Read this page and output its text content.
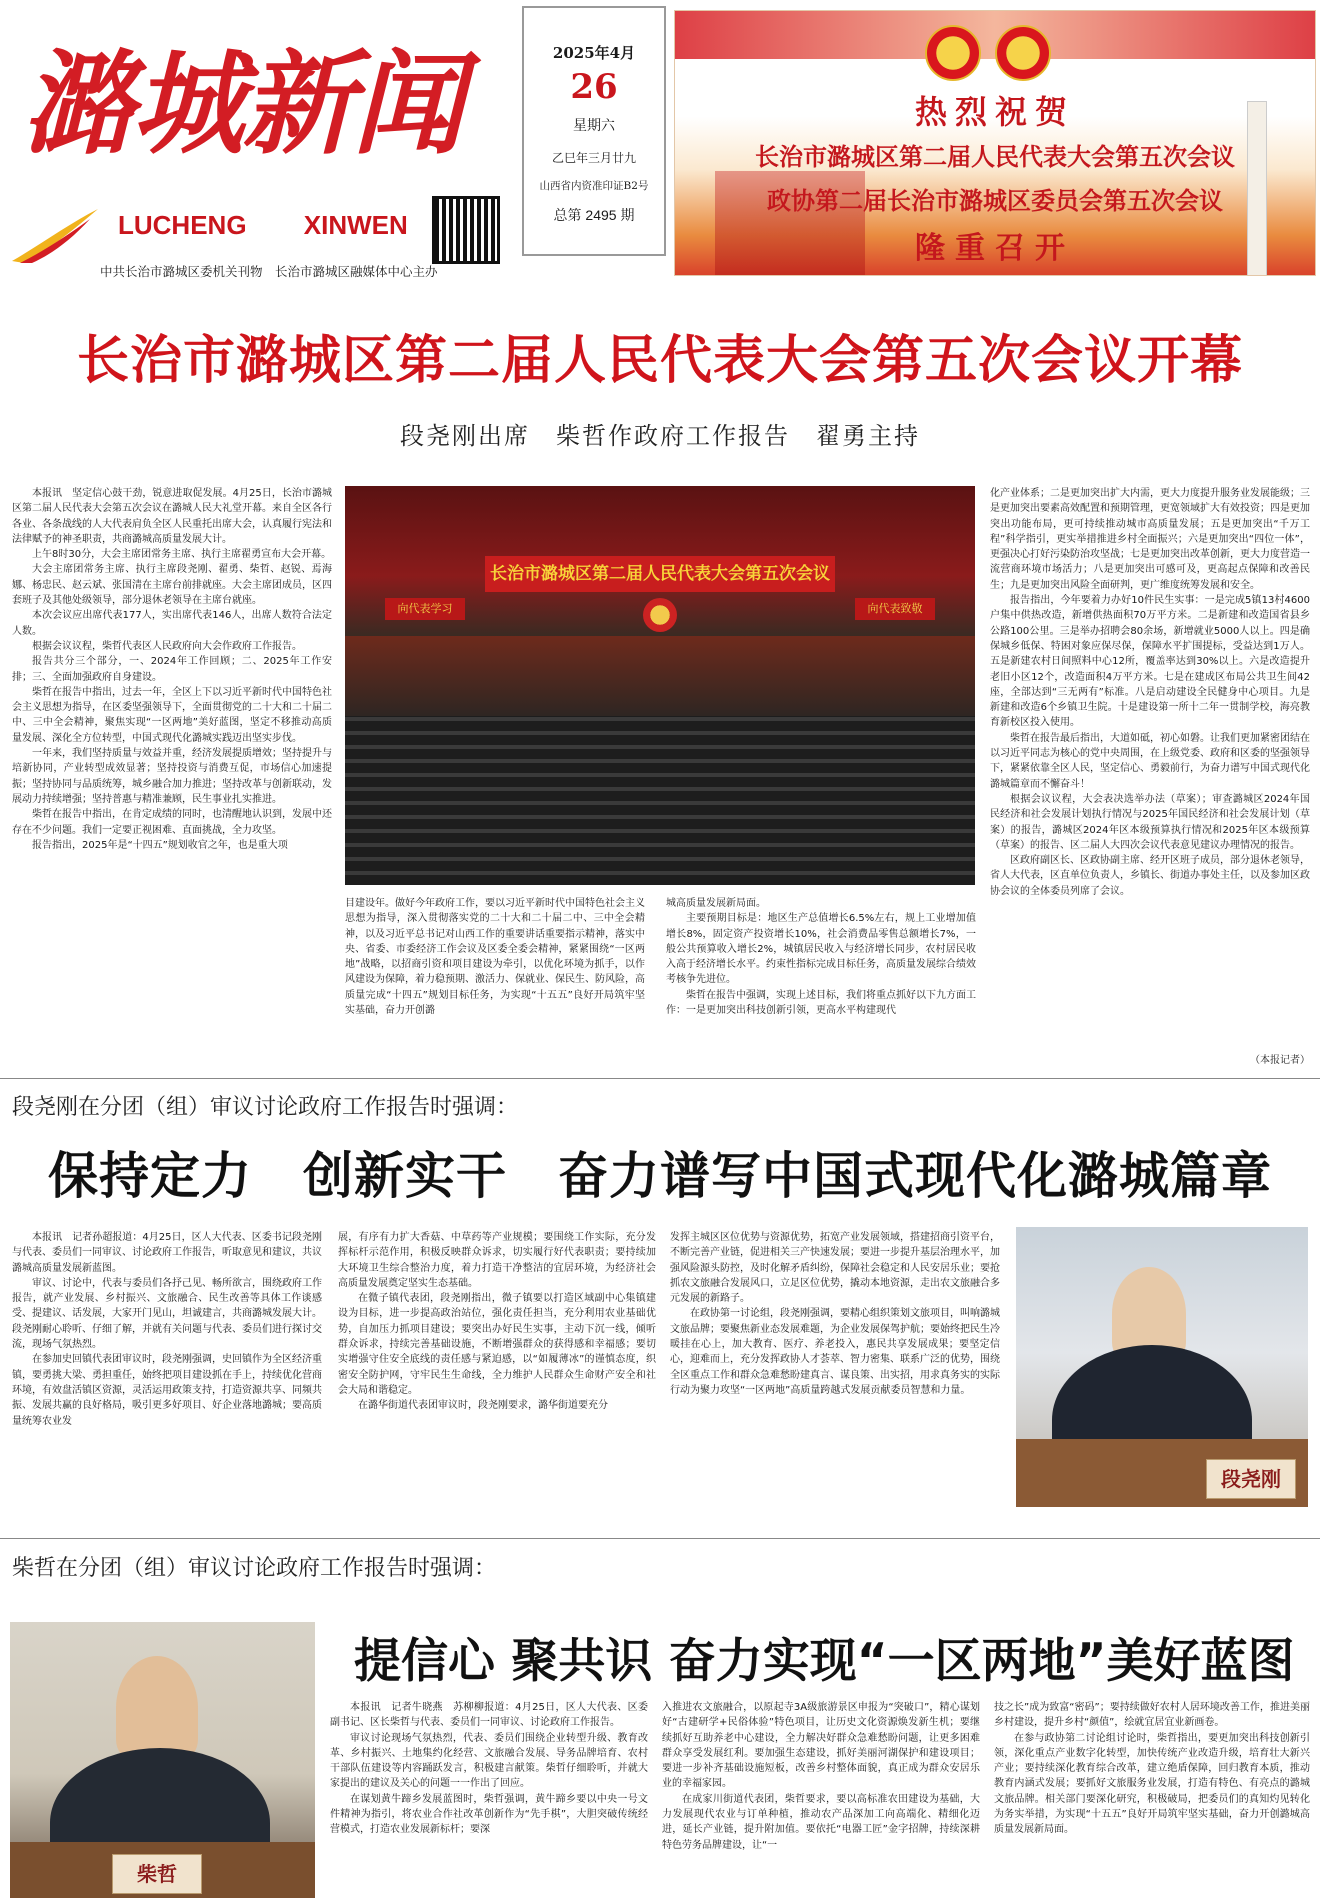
潞城新闻
LUCHENG XINWEN
中共长治市潞城区委机关刊物　长治市潞城区融媒体中心主办
2025年4月
26
星期六
乙巳年三月廿九
山西省内资准印证B2号
总第 2495 期
热烈祝贺
长治市潞城区第二届人民代表大会第五次会议
政协第二届长治市潞城区委员会第五次会议
隆重召开
长治市潞城区第二届人民代表大会第五次会议开幕
段尧刚出席　柴哲作政府工作报告　翟勇主持

本报讯　坚定信心鼓干劲，锐意进取促发展。4月25日，长治市潞城区第二届人民代表大会第五次会议在潞城人民大礼堂开幕。来自全区各行各业、各条战线的人大代表肩负全区人民重托出席大会，认真履行宪法和法律赋予的神圣职责，共商潞城高质量发展大计。

上午8时30分，大会主席团常务主席、执行主席翟勇宣布大会开幕。

大会主席团常务主席、执行主席段尧刚、翟勇、柴哲、赵锐、焉海娜、杨忠民、赵云斌、张国清在主席台前排就座。大会主席团成员，区四套班子及其他处级领导，部分退休老领导在主席台就座。

本次会议应出席代表177人，实出席代表146人，出席人数符合法定人数。

根据会议议程，柴哲代表区人民政府向大会作政府工作报告。

报告共分三个部分，一、2024年工作回顾；二、2025年工作安排；三、全面加强政府自身建设。

柴哲在报告中指出，过去一年，全区上下以习近平新时代中国特色社会主义思想为指导，在区委坚强领导下，全面贯彻党的二十大和二十届二中、三中全会精神，聚焦实现“一区两地”美好蓝图，坚定不移推动高质量发展、深化全方位转型，中国式现代化潞城实践迈出坚实步伐。

一年来，我们坚持质量与效益并重，经济发展提质增效；坚持提升与培新协同，产业转型成效显著；坚持投资与消费互促，市场信心加速提振；坚持协同与品质统筹，城乡融合加力推进；坚持改革与创新联动，发展动力持续增强；坚持普惠与精准兼顾，民生事业扎实推进。

柴哲在报告中指出，在肯定成绩的同时，也清醒地认识到，发展中还存在不少问题。我们一定要正视困难、直面挑战，全力攻坚。

报告指出，2025年是“十四五”规划收官之年，也是重大项

长治市潞城区第二届人民代表大会第五次会议
向代表学习	向代表致敬

目建设年。做好今年政府工作，要以习近平新时代中国特色社会主义思想为指导，深入贯彻落实党的二十大和二十届二中、三中全会精神，以及习近平总书记对山西工作的重要讲话重要指示精神，落实中央、省委、市委经济工作会议及区委全委会精神，紧紧围绕“一区两地”战略，以招商引资和项目建设为牵引，以优化环境为抓手，以作风建设为保障，着力稳预期、激活力、保就业、保民生、防风险，高质量完成“十四五”规划目标任务，为实现“十五五”良好开局筑牢坚实基础，奋力开创潞

城高质量发展新局面。

主要预期目标是：地区生产总值增长6.5%左右，规上工业增加值增长8%，固定资产投资增长10%，社会消费品零售总额增长7%，一般公共预算收入增长2%，城镇居民收入与经济增长同步，农村居民收入高于经济增长水平。约束性指标完成目标任务，高质量发展综合绩效考核争先进位。

柴哲在报告中强调，实现上述目标，我们将重点抓好以下九方面工作：一是更加突出科技创新引领，更高水平构建现代

化产业体系；二是更加突出扩大内需，更大力度提升服务业发展能级；三是更加突出要素高效配置和预期管理，更宽领域扩大有效投资；四是更加突出功能布局，更可持续推动城市高质量发展；五是更加突出“千万工程”科学指引，更实举措推进乡村全面振兴；六是更加突出“四位一体”，更强决心打好污染防治攻坚战；七是更加突出改革创新，更大力度营造一流营商环境市场活力；八是更加突出可感可及，更高起点保障和改善民生；九是更加突出风险全面研判，更广维度统筹发展和安全。

报告指出，今年要着力办好10件民生实事：一是完成5镇13村4600户集中供热改造，新增供热面积70万平方米。二是新建和改造国省县乡公路100公里。三是举办招聘会80余场，新增就业5000人以上。四是确保城乡低保、特困对象应保尽保，保障水平扩围提标，受益达到1万人。五是新建农村日间照料中心12所，覆盖率达到30%以上。六是改造提升老旧小区12个，改造面积4万平方米。七是在建成区布局公共卫生间42座，全部达到“三无两有”标准。八是启动建设全民健身中心项目。九是新建和改造6个乡镇卫生院。十是建设第一所十二年一贯制学校，海亮教育新校区投入使用。

柴哲在报告最后指出，大道如砥，初心如磐。让我们更加紧密团结在以习近平同志为核心的党中央周围，在上级党委、政府和区委的坚强领导下，紧紧依靠全区人民，坚定信心、勇毅前行，为奋力谱写中国式现代化潞城篇章而不懈奋斗！

根据会议议程，大会表决选举办法（草案）；审查潞城区2024年国民经济和社会发展计划执行情况与2025年国民经济和社会发展计划（草案）的报告，潞城区2024年区本级预算执行情况和2025年区本级预算（草案）的报告、区二届人大四次会议代表意见建议办理情况的报告。

区政府副区长、区政协副主席、经开区班子成员，部分退休老领导，省人大代表，区直单位负责人，乡镇长、街道办事处主任，以及参加区政协会议的全体委员列席了会议。

（本报记者）
段尧刚在分团（组）审议讨论政府工作报告时强调：
保持定力　创新实干　奋力谱写中国式现代化潞城篇章

本报讯　记者孙超报道：4月25日，区人大代表、区委书记段尧刚与代表、委员们一同审议、讨论政府工作报告，听取意见和建议，共议潞城高质量发展新蓝图。

审议、讨论中，代表与委员们各抒己见、畅所欲言，围绕政府工作报告，就产业发展、乡村振兴、文旅融合、民生改善等具体工作谈感受、提建议、话发展，大家开门见山，坦诚建言，共商潞城发展大计。段尧刚耐心聆听、仔细了解，并就有关问题与代表、委员们进行探讨交流，现场气氛热烈。

在参加史回镇代表团审议时，段尧刚强调，史回镇作为全区经济重镇，要勇挑大梁、勇担重任，始终把项目建设抓在手上，持续优化营商环境，有效盘活镇区资源，灵活运用政策支持，打造资源共享、同频共振、发展共赢的良好格局，吸引更多好项目、好企业落地潞城；要高质量统筹农业发

展，有序有力扩大香菇、中草药等产业规模；要围绕工作实际，充分发挥标杆示范作用，积极反映群众诉求，切实履行好代表职责；要持续加大环境卫生综合整治力度，着力打造干净整洁的宜居环境，为经济社会高质量发展奠定坚实生态基础。

在微子镇代表团，段尧刚指出，微子镇要以打造区域副中心集镇建设为目标，进一步提高政治站位，强化责任担当，充分利用农业基础优势，自加压力抓项目建设；要突出办好民生实事，主动下沉一线，倾听群众诉求，持续完善基础设施，不断增强群众的获得感和幸福感；要切实增强守住安全底线的责任感与紧迫感，以“如履薄冰”的谨慎态度，织密安全防护网，守牢民生生命线，全力维护人民群众生命财产安全和社会大局和谐稳定。

在潞华街道代表团审议时，段尧刚要求，潞华街道要充分

发挥主城区区位优势与资源优势，拓宽产业发展领域，搭建招商引资平台，不断完善产业链，促进相关三产快速发展；要进一步提升基层治理水平，加强风险源头防控，及时化解矛盾纠纷，保障社会稳定和人民安居乐业；要抢抓农文旅融合发展风口，立足区位优势，撬动本地资源，走出农文旅融合多元发展的新路子。

在政协第一讨论组，段尧刚强调，要精心组织策划文旅项目，叫响潞城文旅品牌；要聚焦新业态发展难题，为企业发展保驾护航；要始终把民生冷暖挂在心上，加大教育、医疗、养老投入，惠民共享发展成果；要坚定信心，迎难而上，充分发挥政协人才荟萃、智力密集、联系广泛的优势，围绕全区重点工作和群众急难愁盼建真言、谋良策、出实招，用求真务实的实际行动为聚力攻坚“一区两地”高质量跨越式发展贡献委员智慧和力量。

段尧刚
柴哲在分团（组）审议讨论政府工作报告时强调：
柴哲
提信心 聚共识 奋力实现“一区两地”美好蓝图

本报讯　记者牛晓燕　苏柳柳报道：4月25日，区人大代表、区委副书记、区长柴哲与代表、委员们一同审议、讨论政府工作报告。

审议讨论现场气氛热烈，代表、委员们围绕企业转型升级、教育改革、乡村振兴、土地集约化经营、文旅融合发展、导务品牌培育、农村干部队伍建设等内容踊跃发言，积极建言献策。柴哲仔细聆听，并就大家提出的建议及关心的问题一一作出了回应。

在谋划黄牛蹄乡发展蓝图时，柴哲强调，黄牛蹄乡要以中央一号文件精神为指引，将农业合作社改革创新作为“先手棋”，大胆突破传统经营模式，打造农业发展新标杆；要深

入推进农文旅融合，以原起寺3A级旅游景区申报为“突破口”，精心谋划好“古建研学+民俗体验”特色项目，让历史文化资源焕发新生机；要继续抓好互助养老中心建设，全力解决好群众急难愁盼问题，让更多困难群众享受发展红利。要加强生态建设，抓好美丽河湖保护和建设项目；要进一步补齐基础设施短板，改善乡村整体面貌，真正成为群众安居乐业的幸福家园。

在成家川街道代表团，柴哲要求，要以高标准农田建设为基础，大力发展现代农业与订单种植，推动农产品深加工向高端化、精细化迈进，延长产业链，提升附加值。要依托“电器工匠”金字招牌，持续深耕特色劳务品牌建设，让“一

技之长”成为致富“密码”；要持续做好农村人居环境改善工作，推进美丽乡村建设，提升乡村“颜值”，绘就宜居宜业新画卷。

在参与政协第二讨论组讨论时，柴哲指出，要更加突出科技创新引领，深化重点产业数字化转型，加快传统产业改造升级，培育壮大新兴产业；要持续深化教育综合改革，建立绝盾保障，回归教育本质，推动教育内涵式发展；要抓好文旅服务业发展，打造有特色、有亮点的潞城文旅品牌。相关部门要深化研究，积极破局，把委员们的真知灼见转化为务实举措，为实现“十五五”良好开局筑牢坚实基础，奋力开创潞城高质量发展新局面。
